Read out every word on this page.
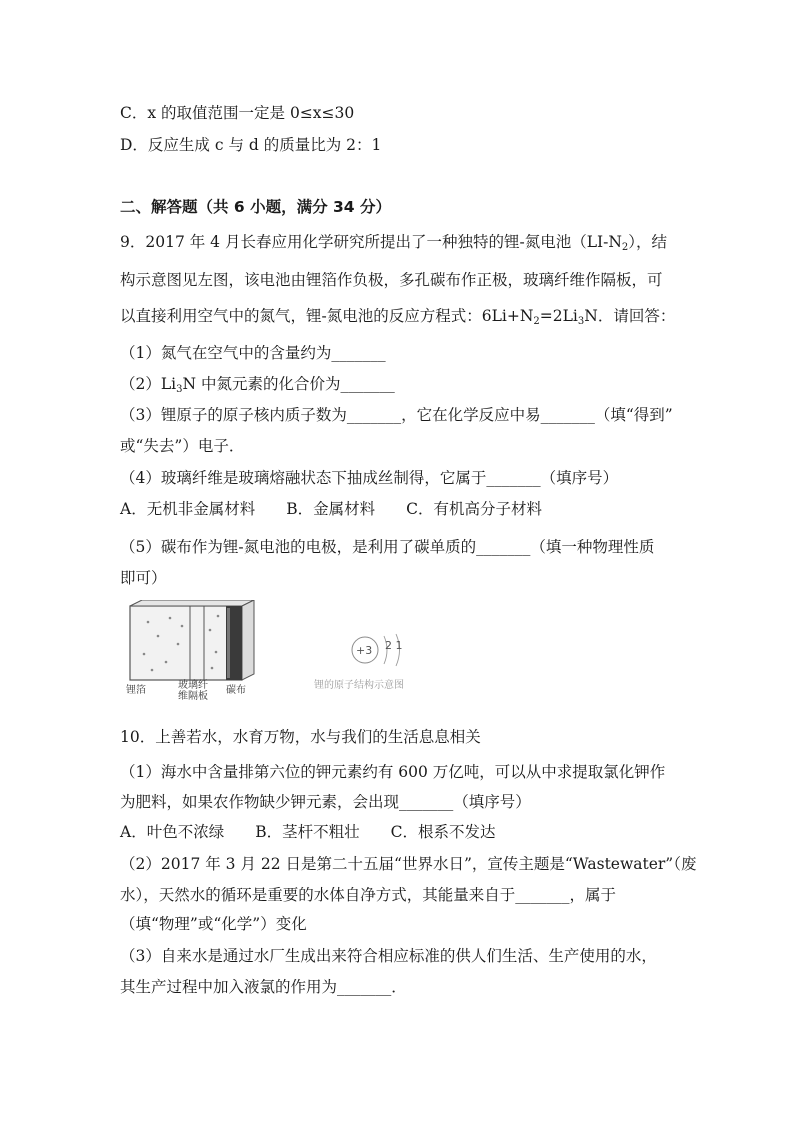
C．x 的取值范围一定是 0≤x≤30
D．反应生成 c 与 d 的质量比为 2：1
二、解答题（共 6 小题，满分 34 分）
9．2017 年 4 月长春应用化学研究所提出了一种独特的锂-氮电池$(LI-N_2)$，结
构示意图见左图，该电池由锂箔作负极，多孔碳布作正极，玻璃纤维作隔板，可
以直接利用空气中的氮气，锂-氮电池的反应方程式：$6Li+N_2=2Li_3N$．请回答：
（1）氮气在空气中的含量约为_______
$(2)Li_3N$ 中氮元素的化合价为_______
（3）锂原子的原子核内质子数为_______，它在化学反应中易_______（填“得到”
或“失去”）电子．
（4）玻璃纤维是玻璃熔融状态下抽成丝制得，它属于_______（填序号）
A．无机非金属材料　　B．金属材料　　C．有机高分子材料
（5）碳布作为锂-氮电池的电极，是利用了碳单质的_______（填一种物理性质
即可）
锂箔	玻璃纤
维隔板
碳布
+3 2 1
锂的原子结构示意图
10．上善若水，水育万物，水与我们的生活息息相关
（1）海水中含量排第六位的钾元素约有 600 万亿吨，可以从中求提取氯化钾作
为肥料，如果农作物缺少钾元素，会出现_______（填序号）
A．叶色不浓绿　　B．茎杆不粗壮　　C．根系不发达
（2）2017 年 3 月 22 日是第二十五届“世界水日”，宣传主题是“Wastewater”（废
水），天然水的循环是重要的水体自净方式，其能量来自于_______，属于
（填“物理”或“化学”）变化
（3）自来水是通过水厂生成出来符合相应标准的供人们生活、生产使用的水，
其生产过程中加入液氯的作用为_______．
